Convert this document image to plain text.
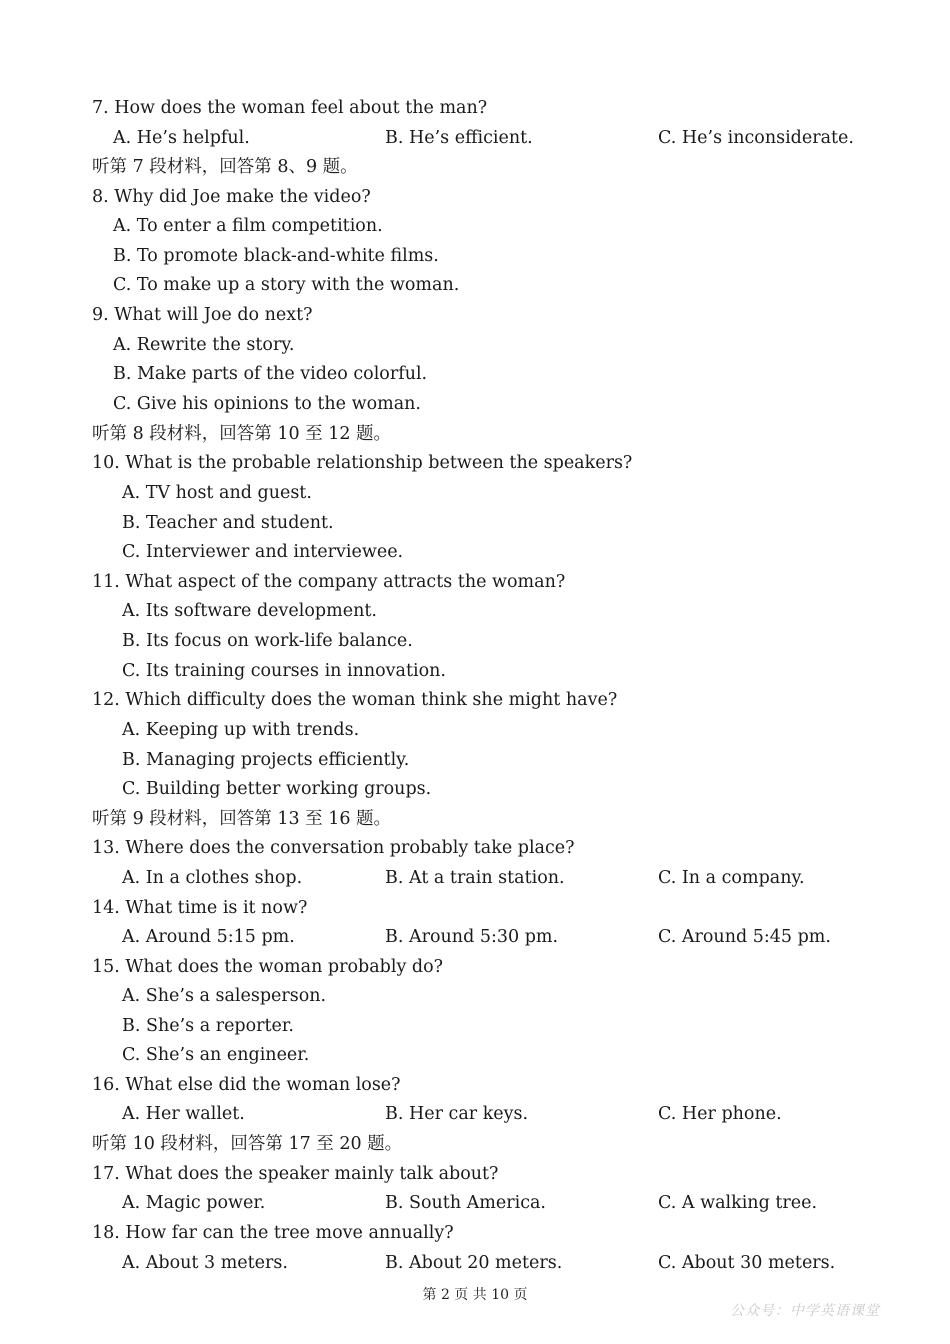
7. How does the woman feel about the man?
A. He’s helpful.	B. He’s efficient.	C. He’s inconsiderate.
听第 7 段材料，回答第 8、9 题。
8. Why did Joe make the video?
A. To enter a film competition.
B. To promote black-and-white films.
C. To make up a story with the woman.
9. What will Joe do next?
A. Rewrite the story.
B. Make parts of the video colorful.
C. Give his opinions to the woman.
听第 8 段材料，回答第 10 至 12 题。
10. What is the probable relationship between the speakers?
A. TV host and guest.
B. Teacher and student.
C. Interviewer and interviewee.
11. What aspect of the company attracts the woman?
A. Its software development.
B. Its focus on work-life balance.
C. Its training courses in innovation.
12. Which difficulty does the woman think she might have?
A. Keeping up with trends.
B. Managing projects efficiently.
C. Building better working groups.
听第 9 段材料，回答第 13 至 16 题。
13. Where does the conversation probably take place?
A. In a clothes shop.	B. At a train station.	C. In a company.
14. What time is it now?
A. Around 5:15 pm.	B. Around 5:30 pm.	C. Around 5:45 pm.
15. What does the woman probably do?
A. She’s a salesperson.
B. She’s a reporter.
C. She’s an engineer.
16. What else did the woman lose?
A. Her wallet.	B. Her car keys.	C. Her phone.
听第 10 段材料，回答第 17 至 20 题。
17. What does the speaker mainly talk about?
A. Magic power.	B. South America.	C. A walking tree.
18. How far can the tree move annually?
A. About 3 meters.	B. About 20 meters.	C. About 30 meters.
第 2 页 共 10 页
公众号：中学英语课堂
